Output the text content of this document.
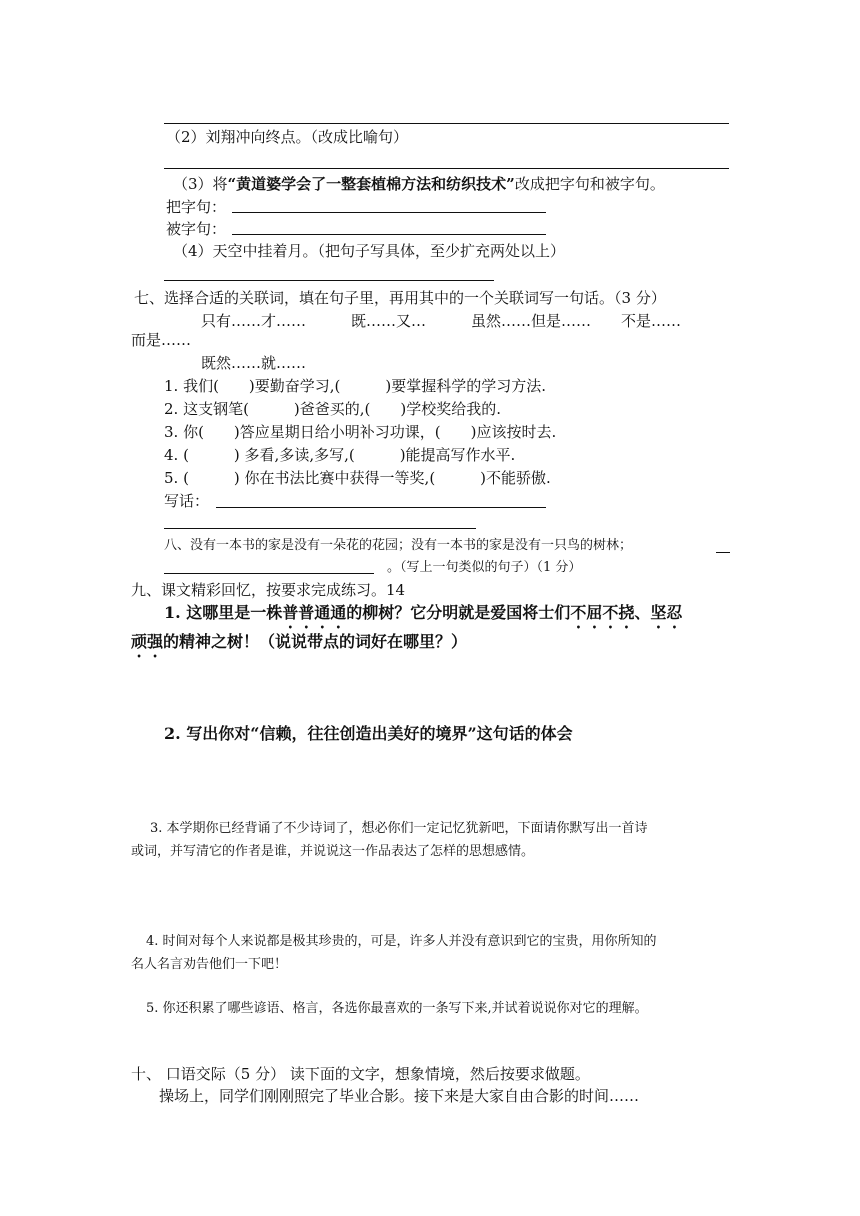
（2）刘翔冲向终点。（改成比喻句）
（3）将“黄道婆学会了一整套植棉方法和纺织技术”改成把字句和被字句。
把字句：
被字句：
（4）天空中挂着月。（把句子写具体，至少扩充两处以上）
七、选择合适的关联词，填在句子里，再用其中的一个关联词写一句话。（3 分）
只有……才……　　　既……又…　　　虽然……但是……　　不是……
而是……
既然……就……
1. 我们(　　)要勤奋学习,(　　　)要掌握科学的学习方法.
2. 这支钢笔(　　　)爸爸买的,(　　)学校奖给我的.
3. 你(　　)答应星期日给小明补习功课，(　　)应该按时去.
4. (　　　) 多看,多读,多写,(　　　)能提高写作水平.
5. (　　　) 你在书法比赛中获得一等奖,(　　　)不能骄傲.
写话：
八、没有一本书的家是没有一朵花的花园；没有一本书的家是没有一只鸟的树林；
。（写上一句类似的句子）（1 分）
九、课文精彩回忆，按要求完成练习。14
1. 这哪里是一株普普通通的柳树？它分明就是爱国将士们不屈不挠、坚忍
顽强的精神之树！（说说带点的词好在哪里？）
2. 写出你对“信赖，往往创造出美好的境界”这句话的体会
3. 本学期你已经背诵了不少诗词了，想必你们一定记忆犹新吧，下面请你默写出一首诗
或词，并写清它的作者是谁，并说说这一作品表达了怎样的思想感情。
4. 时间对每个人来说都是极其珍贵的，可是，许多人并没有意识到它的宝贵，用你所知的
名人名言劝告他们一下吧！
5. 你还积累了哪些谚语、格言，各选你最喜欢的一条写下来,并试着说说你对它的理解。
十、 口语交际（5 分） 读下面的文字，想象情境，然后按要求做题。
操场上，同学们刚刚照完了毕业合影。接下来是大家自由合影的时间……
